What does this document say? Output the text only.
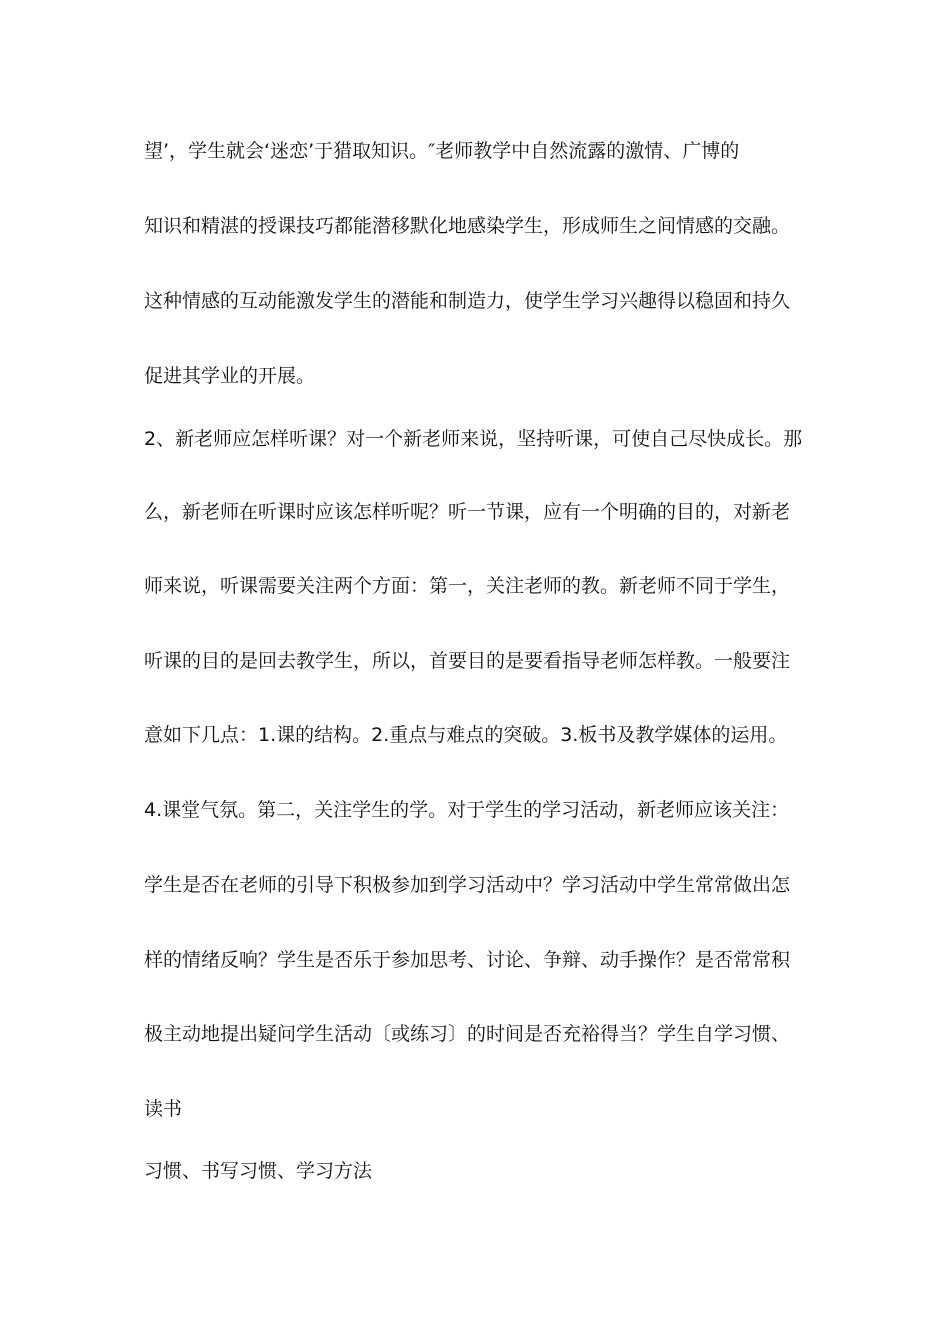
望’，学生就会‘迷恋’于猎取知识。″老师教学中自然流露的激情、广博的
知识和精湛的授课技巧都能潜移默化地感染学生，形成师生之间情感的交融。
这种情感的互动能激发学生的潜能和制造力，使学生学习兴趣得以稳固和持久
促进其学业的开展。
2、新老师应怎样听课？对一个新老师来说，坚持听课，可使自己尽快成长。那
么，新老师在听课时应该怎样听呢？听一节课，应有一个明确的目的，对新老
师来说，听课需要关注两个方面：第一，关注老师的教。新老师不同于学生，
听课的目的是回去教学生，所以，首要目的是要看指导老师怎样教。一般要注
意如下几点：1.课的结构。2.重点与难点的突破。3.板书及教学媒体的运用。
4.课堂气氛。第二，关注学生的学。对于学生的学习活动，新老师应该关注：
学生是否在老师的引导下积极参加到学习活动中？学习活动中学生常常做出怎
样的情绪反响？学生是否乐于参加思考、讨论、争辩、动手操作？是否常常积
极主动地提出疑问学生活动〔或练习〕的时间是否充裕得当？学生自学习惯、
读书
习惯、书写习惯、学习方法
